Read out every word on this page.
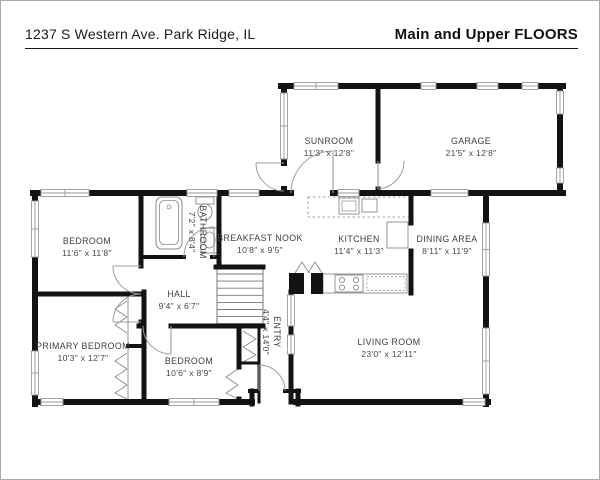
1237 S Western Ave. Park Ridge, IL	Main and Upper FLOORS
SUNROOM
11'3" x 12'8"
GARAGE
21'5" x 12'8"
BEDROOM
11'6" x 11'8"	BATHROOM
7'2" x 8'4" BREAKFAST NOOK
10'8" x 9'5"
KITCHEN
11'4" x 11'3"
DINING AREA
8'11" x 11'9"
HALL
9'4" x 6'7"
PRIMARY BEDROOM
10'3" x 12'7"	BEDROOM
10'6" x 8'9"
ENTRY
4'4" x 14'0"	LIVING ROOM
23'0" x 12'11"
